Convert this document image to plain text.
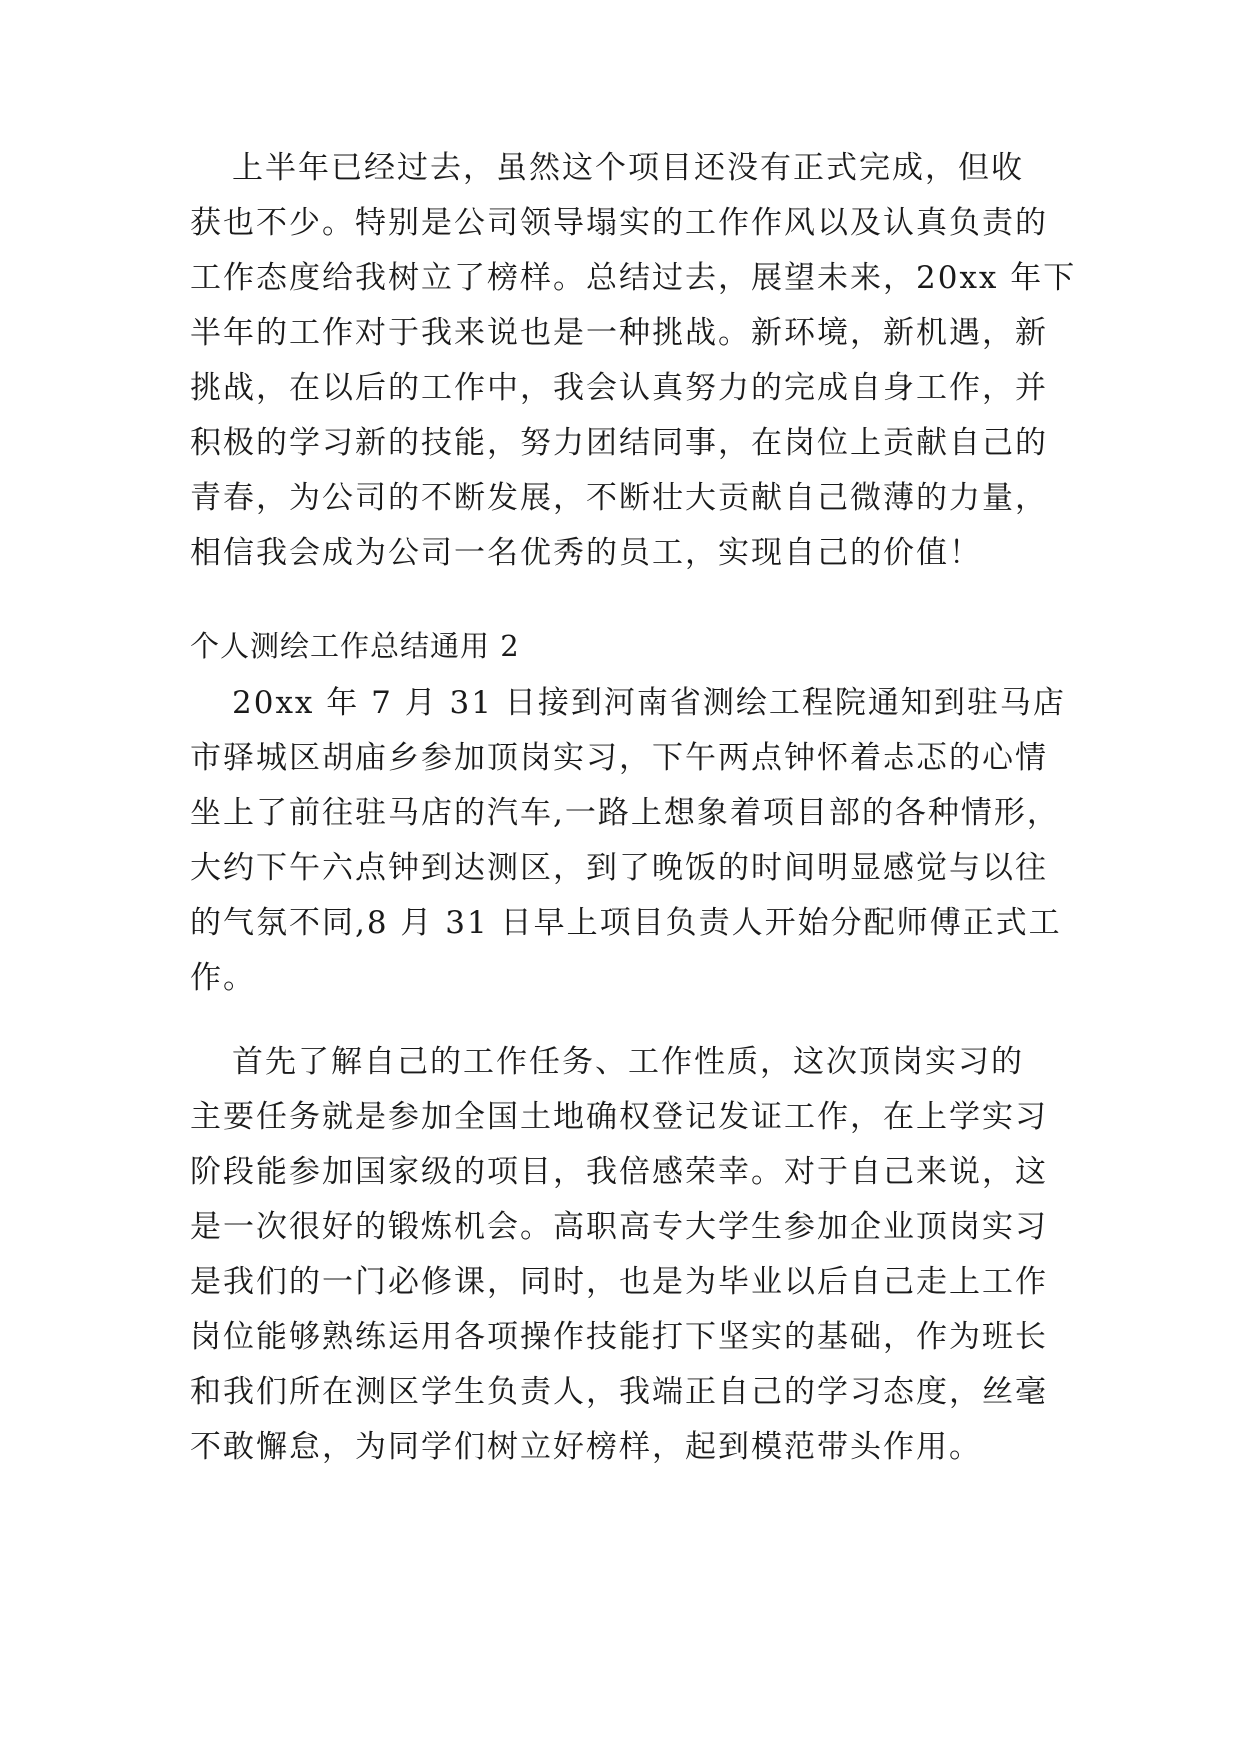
上半年已经过去，虽然这个项目还没有正式完成，但收
获也不少。特别是公司领导塌实的工作作风以及认真负责的
工作态度给我树立了榜样。总结过去，展望未来，20xx 年下
半年的工作对于我来说也是一种挑战。新环境，新机遇，新
挑战，在以后的工作中，我会认真努力的完成自身工作，并
积极的学习新的技能，努力团结同事，在岗位上贡献自己的
青春，为公司的不断发展，不断壮大贡献自己微薄的力量，
相信我会成为公司一名优秀的员工，实现自己的价值！
个人测绘工作总结通用 2
20xx 年 7 月 31 日接到河南省测绘工程院通知到驻马店
市驿城区胡庙乡参加顶岗实习，下午两点钟怀着忐忑的心情
坐上了前往驻马店的汽车,一路上想象着项目部的各种情形，
大约下午六点钟到达测区，到了晚饭的时间明显感觉与以往
的气氛不同,8 月 31 日早上项目负责人开始分配师傅正式工
作。
首先了解自己的工作任务、工作性质，这次顶岗实习的
主要任务就是参加全国土地确权登记发证工作，在上学实习
阶段能参加国家级的项目，我倍感荣幸。对于自己来说，这
是一次很好的锻炼机会。高职高专大学生参加企业顶岗实习
是我们的一门必修课，同时，也是为毕业以后自己走上工作
岗位能够熟练运用各项操作技能打下坚实的基础，作为班长
和我们所在测区学生负责人，我端正自己的学习态度，丝毫
不敢懈怠，为同学们树立好榜样，起到模范带头作用。
